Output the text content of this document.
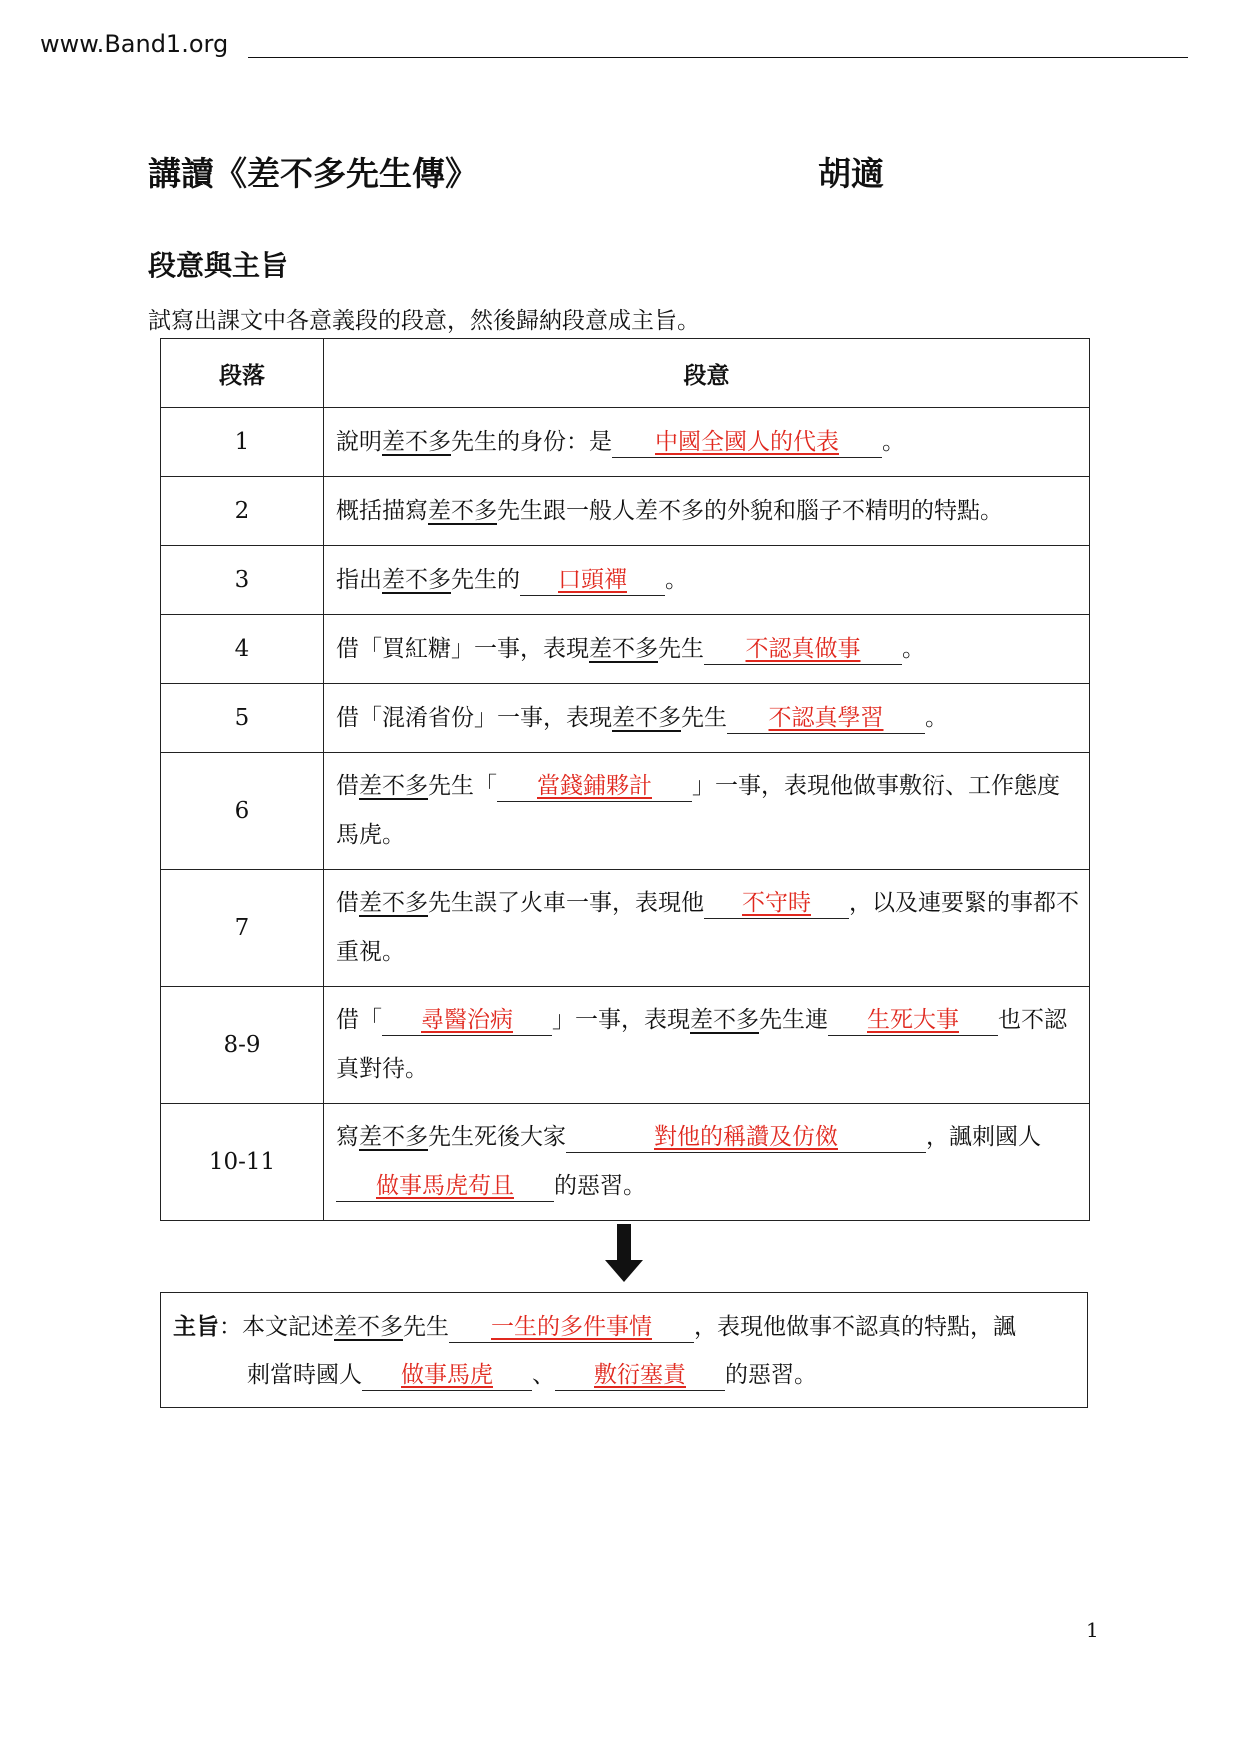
www.Band1.org
講讀《差不多先生傳》	胡適
段意與主旨
試寫出課文中各意義段的段意，然後歸納段意成主旨。
段落	段意
1	說明差不多先生的身份：是 中國全國人的代表 。
2	概括描寫差不多先生跟一般人差不多的外貌和腦子不精明的特點。
3	指出差不多先生的 口頭禪 。
4	借「買紅糖」一事，表現差不多先生 不認真做事 。
5	借「混淆省份」一事，表現差不多先生 不認真學習 。
6	借差不多先生「 當錢鋪夥計 」一事，表現他做事敷衍、工作態度馬虎。
7	借差不多先生誤了火車一事，表現他 不守時 ，以及連要緊的事都不重視。
8-9	借「 尋醫治病 」一事，表現差不多先生連 生死大事 也不認真對待。
10-11	寫差不多先生死後大家 對他的稱讚及仿傚 ，諷刺國人做事馬虎苟且 的惡習。
主旨：本文記述差不多先生 一生的多件事情 ，表現他做事不認真的特點，諷
刺當時國人 做事馬虎 、 敷衍塞責 的惡習。
1
